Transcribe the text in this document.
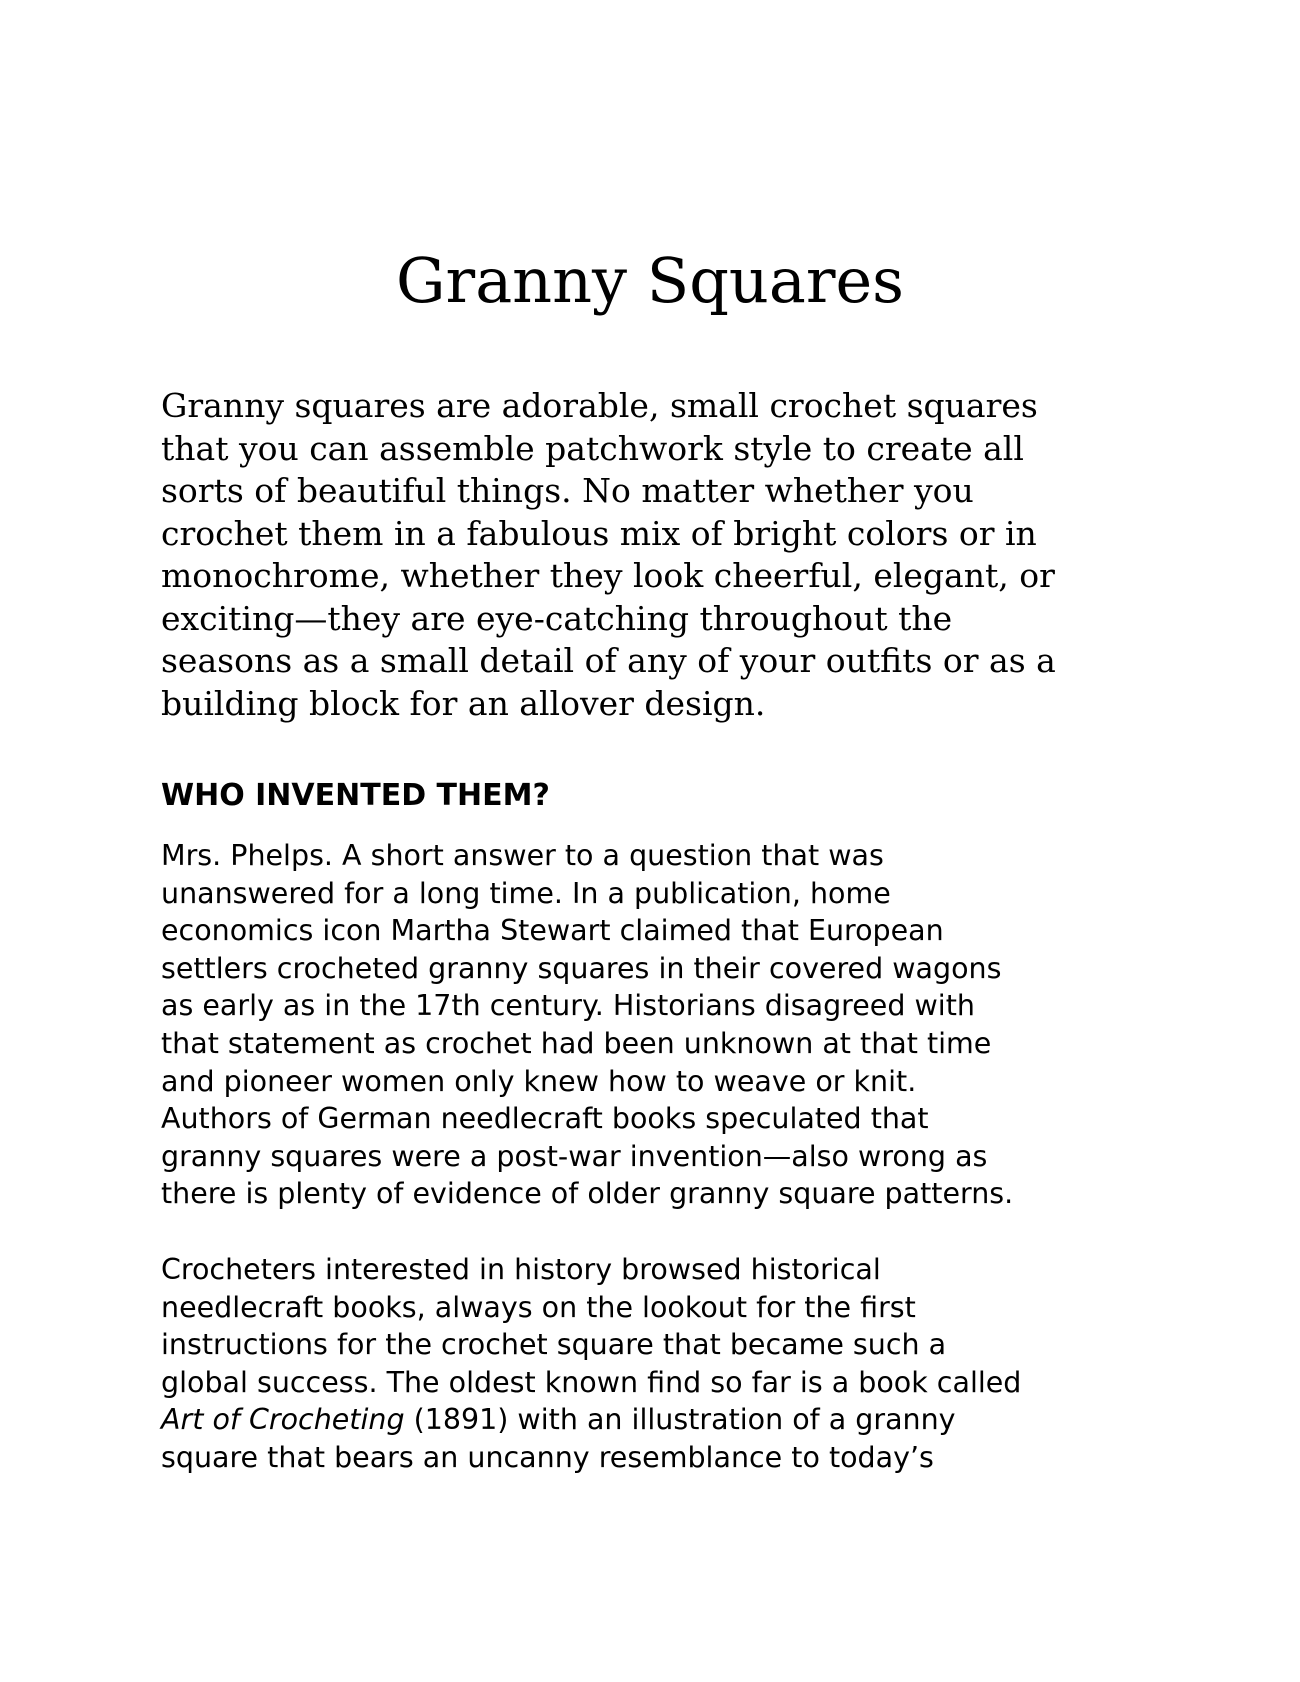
Granny Squares

Granny squares are adorable, small crochet squares
that you can assemble patchwork style to create all
sorts of beautiful things. No matter whether you
crochet them in a fabulous mix of bright colors or in
monochrome, whether they look cheerful, elegant, or
exciting—they are eye-catching throughout the
seasons as a small detail of any of your outfits or as a
building block for an allover design.

WHO INVENTED THEM?

Mrs. Phelps. A short answer to a question that was
unanswered for a long time. In a publication, home
economics icon Martha Stewart claimed that European
settlers crocheted granny squares in their covered wagons
as early as in the 17th century. Historians disagreed with
that statement as crochet had been unknown at that time
and pioneer women only knew how to weave or knit.
Authors of German needlecraft books speculated that
granny squares were a post-war invention—also wrong as
there is plenty of evidence of older granny square patterns.

Crocheters interested in history browsed historical
needlecraft books, always on the lookout for the first
instructions for the crochet square that became such a
global success. The oldest known find so far is a book called
Art of Crocheting (1891) with an illustration of a granny
square that bears an uncanny resemblance to today’s
